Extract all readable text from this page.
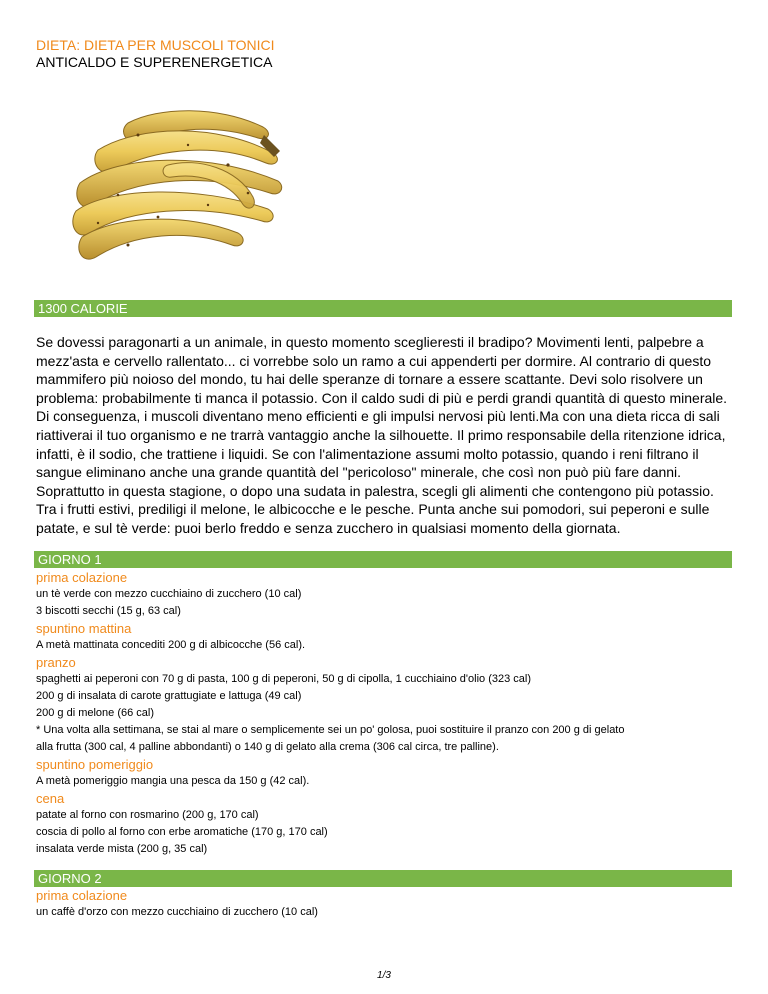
DIETA: DIETA PER MUSCOLI TONICI
ANTICALDO E SUPERENERGETICA
1300 CALORIE
Se dovessi paragonarti a un animale, in questo momento sceglieresti il bradipo? Movimenti lenti, palpebre a mezz'asta e cervello rallentato... ci vorrebbe solo un ramo a cui appenderti per dormire. Al contrario di questo mammifero più noioso del mondo, tu hai delle speranze di tornare a essere scattante. Devi solo risolvere un problema: probabilmente ti manca il potassio. Con il caldo sudi di più e perdi grandi quantità di questo minerale. Di conseguenza, i muscoli diventano meno efficienti e gli impulsi nervosi più lenti.Ma con una dieta ricca di sali riattiverai il tuo organismo e ne trarrà vantaggio anche la silhouette. Il primo responsabile della ritenzione idrica, infatti, è il sodio, che trattiene i liquidi. Se con l'alimentazione assumi molto potassio, quando i reni filtrano il sangue eliminano anche una grande quantità del "pericoloso" minerale, che così non può più fare danni. Soprattutto in questa stagione, o dopo una sudata in palestra, scegli gli alimenti che contengono più potassio. Tra i frutti estivi, prediligi il melone, le albicocche e le pesche. Punta anche sui pomodori, sui peperoni e sulle patate, e sul tè verde: puoi berlo freddo e senza zucchero in qualsiasi momento della giornata.
GIORNO 1
prima colazione
un tè verde con mezzo cucchiaino di zucchero (10 cal)
3 biscotti secchi (15 g, 63 cal)
spuntino mattina
A metà mattinata concediti 200 g di albicocche (56 cal).
pranzo
spaghetti ai peperoni con 70 g di pasta, 100 g di peperoni, 50 g di cipolla, 1 cucchiaino d'olio (323 cal)
200 g di insalata di carote grattugiate e lattuga (49 cal)
200 g di melone (66 cal)
* Una volta alla settimana, se stai al mare o semplicemente sei un po' golosa, puoi sostituire il pranzo con 200 g di gelato
alla frutta (300 cal, 4 palline abbondanti) o 140 g di gelato alla crema (306 cal circa, tre palline).
spuntino pomeriggio
A metà pomeriggio mangia una pesca da 150 g (42 cal).
cena
patate al forno con rosmarino (200 g, 170 cal)
coscia di pollo al forno con erbe aromatiche (170 g, 170 cal)
insalata verde mista (200 g, 35 cal)
GIORNO 2
prima colazione
un caffè d'orzo con mezzo cucchiaino di zucchero (10 cal)
1/3
